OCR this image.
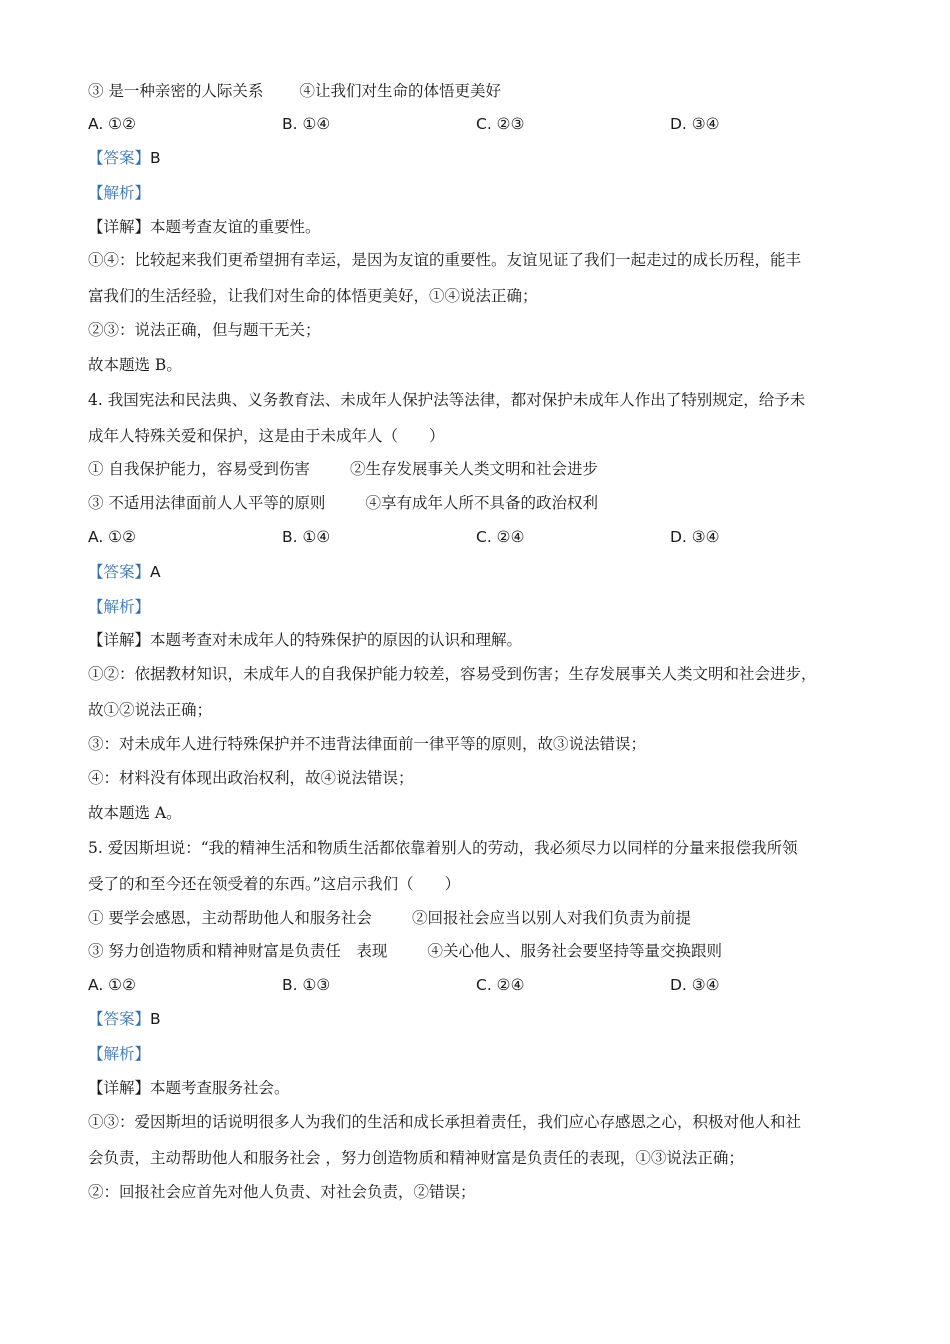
③ 是一种亲密的人际关系 ④让我们对生命的体悟更美好
A. ①②	B. ①④	C. ②③	D. ③④
【答案】B
【解析】
【详解】本题考查友谊的重要性。
①④：比较起来我们更希望拥有幸运，是因为友谊的重要性。友谊见证了我们一起走过的成长历程，能丰
富我们的生活经验，让我们对生命的体悟更美好，①④说法正确；
②③：说法正确，但与题干无关；
故本题选 B。
4. 我国宪法和民法典、义务教育法、未成年人保护法等法律，都对保护未成年人作出了特别规定，给予未
成年人特殊关爱和保护，这是由于未成年人（　　）
① 自我保护能力，容易受到伤害	②生存发展事关人类文明和社会进步
③ 不适用法律面前人人平等的原则	④享有成年人所不具备的政治权利
A. ①②	B. ①④	C. ②④	D. ③④
【答案】A
【解析】
【详解】本题考查对未成年人的特殊保护的原因的认识和理解。
①②：依据教材知识，未成年人的自我保护能力较差，容易受到伤害；生存发展事关人类文明和社会进步，
故①②说法正确；
③：对未成年人进行特殊保护并不违背法律面前一律平等的原则，故③说法错误；
④：材料没有体现出政治权利，故④说法错误；
故本题选 A。
5. 爱因斯坦说：“我的精神生活和物质生活都依靠着别人的劳动，我必须尽力以同样的分量来报偿我所领
受了的和至今还在领受着的东西。”这启示我们（　　）
① 要学会感恩，主动帮助他人和服务社会	②回报社会应当以别人对我们负责为前提
③ 努力创造物质和精神财富是负责任　表现	④关心他人、服务社会要坚持等量交换跟则
A. ①②	B. ①③	C. ②④	D. ③④
【答案】B
【解析】
【详解】本题考查服务社会。
①③：爱因斯坦的话说明很多人为我们的生活和成长承担着责任，我们应心存感恩之心，积极对他人和社
会负责，主动帮助他人和服务社会 ，努力创造物质和精神财富是负责任的表现，①③说法正确；
②：回报社会应首先对他人负责、对社会负责，②错误；
